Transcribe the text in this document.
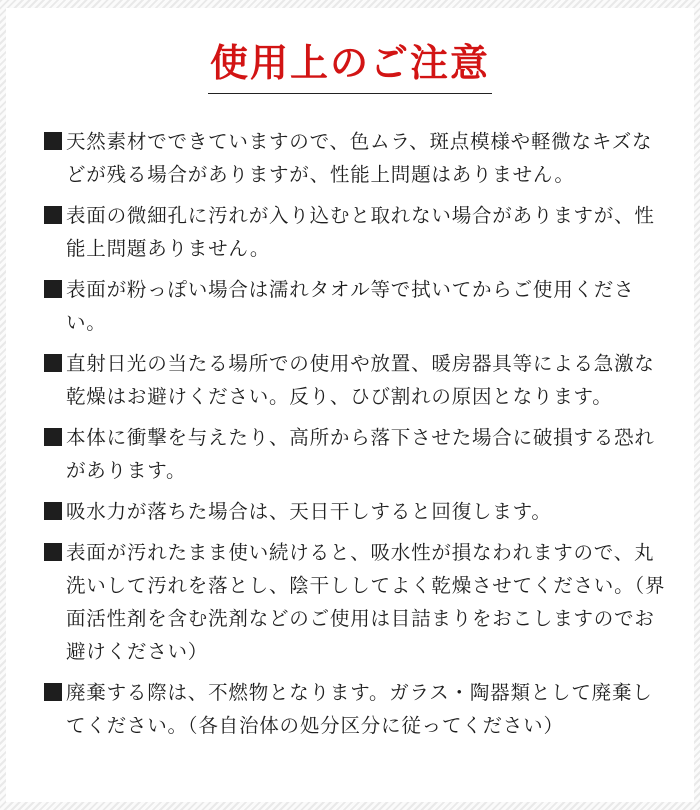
使用上のご注意
天然素材でできていますので、色ムラ、斑点模様や軽微なキズなどが残る場合がありますが、性能上問題はありません。
表面の微細孔に汚れが入り込むと取れない場合がありますが、性能上問題ありません。
表面が粉っぽい場合は濡れタオル等で拭いてからご使用ください。
直射日光の当たる場所での使用や放置、暖房器具等による急激な乾燥はお避けください。反り、ひび割れの原因となります。
本体に衝撃を与えたり、高所から落下させた場合に破損する恐れがあります。
吸水力が落ちた場合は、天日干しすると回復します。
表面が汚れたまま使い続けると、吸水性が損なわれますので、丸洗いして汚れを落とし、陰干ししてよく乾燥させてください。（界面活性剤を含む洗剤などのご使用は目詰まりをおこしますのでお避けください）
廃棄する際は、不燃物となります。ガラス・陶器類として廃棄してください。（各自治体の処分区分に従ってください）
